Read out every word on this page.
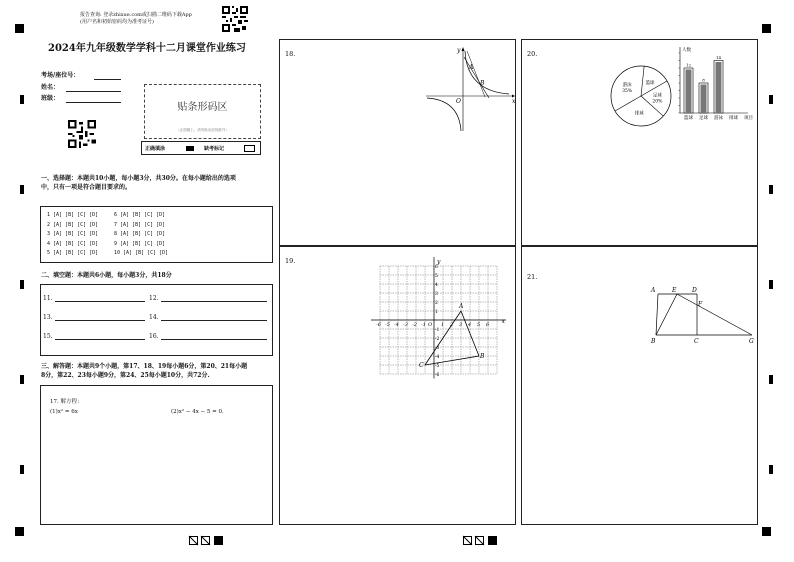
报告查询: 登录zhixue.com或扫描二维码下载App
(用户名和初始密码均为准考证号)
2024年九年级数学学科十二月课堂作业练习
考场/座位号：
姓名：
班级：
贴条形码区
（正面朝上，请勿贴出虚线框外）
正确填涂	缺考标记
一、选择题：本题共10小题，每小题3分，共30分。在每小题给出的选项
中，只有一项是符合题目要求的。
1 [A] [B] [C] [D]
2 [A] [B] [C] [D]
3 [A] [B] [C] [D]
4 [A] [B] [C] [D]
5 [A] [B] [C] [D]
6 [A] [B] [C] [D]
7 [A] [B] [C] [D]
8 [A] [B] [C] [D]
9 [A] [B] [C] [D]
10 [A] [B] [C] [D]
二、填空题：本题共6小题，每小题3分，共18分
11.	12.
13.	14.
15.	16.
三、解答题：本题共9个小题，第17、18、19每小题6分，第20、21每小题
8分，第22、23每小题9分，第24、25每小题10分，共72分.
17. 解方程：
(1)x² = 6x	(2)x² − 4x − 5 = 0.
18.	y
x
O
A
B
19.
-6 -5 -4 -3 -2 -1 O 1 2 3 4 5 6
6
5
4
3
2
1
-1
-2
-3
-4
-5
-6
x
y
A
B
C
20.
游泳
35%
篮球
足球
20%
排球
人数
12
篮球
8
足球
14
游泳 排球 项目
21.
A	E	D
F
B	C	G
